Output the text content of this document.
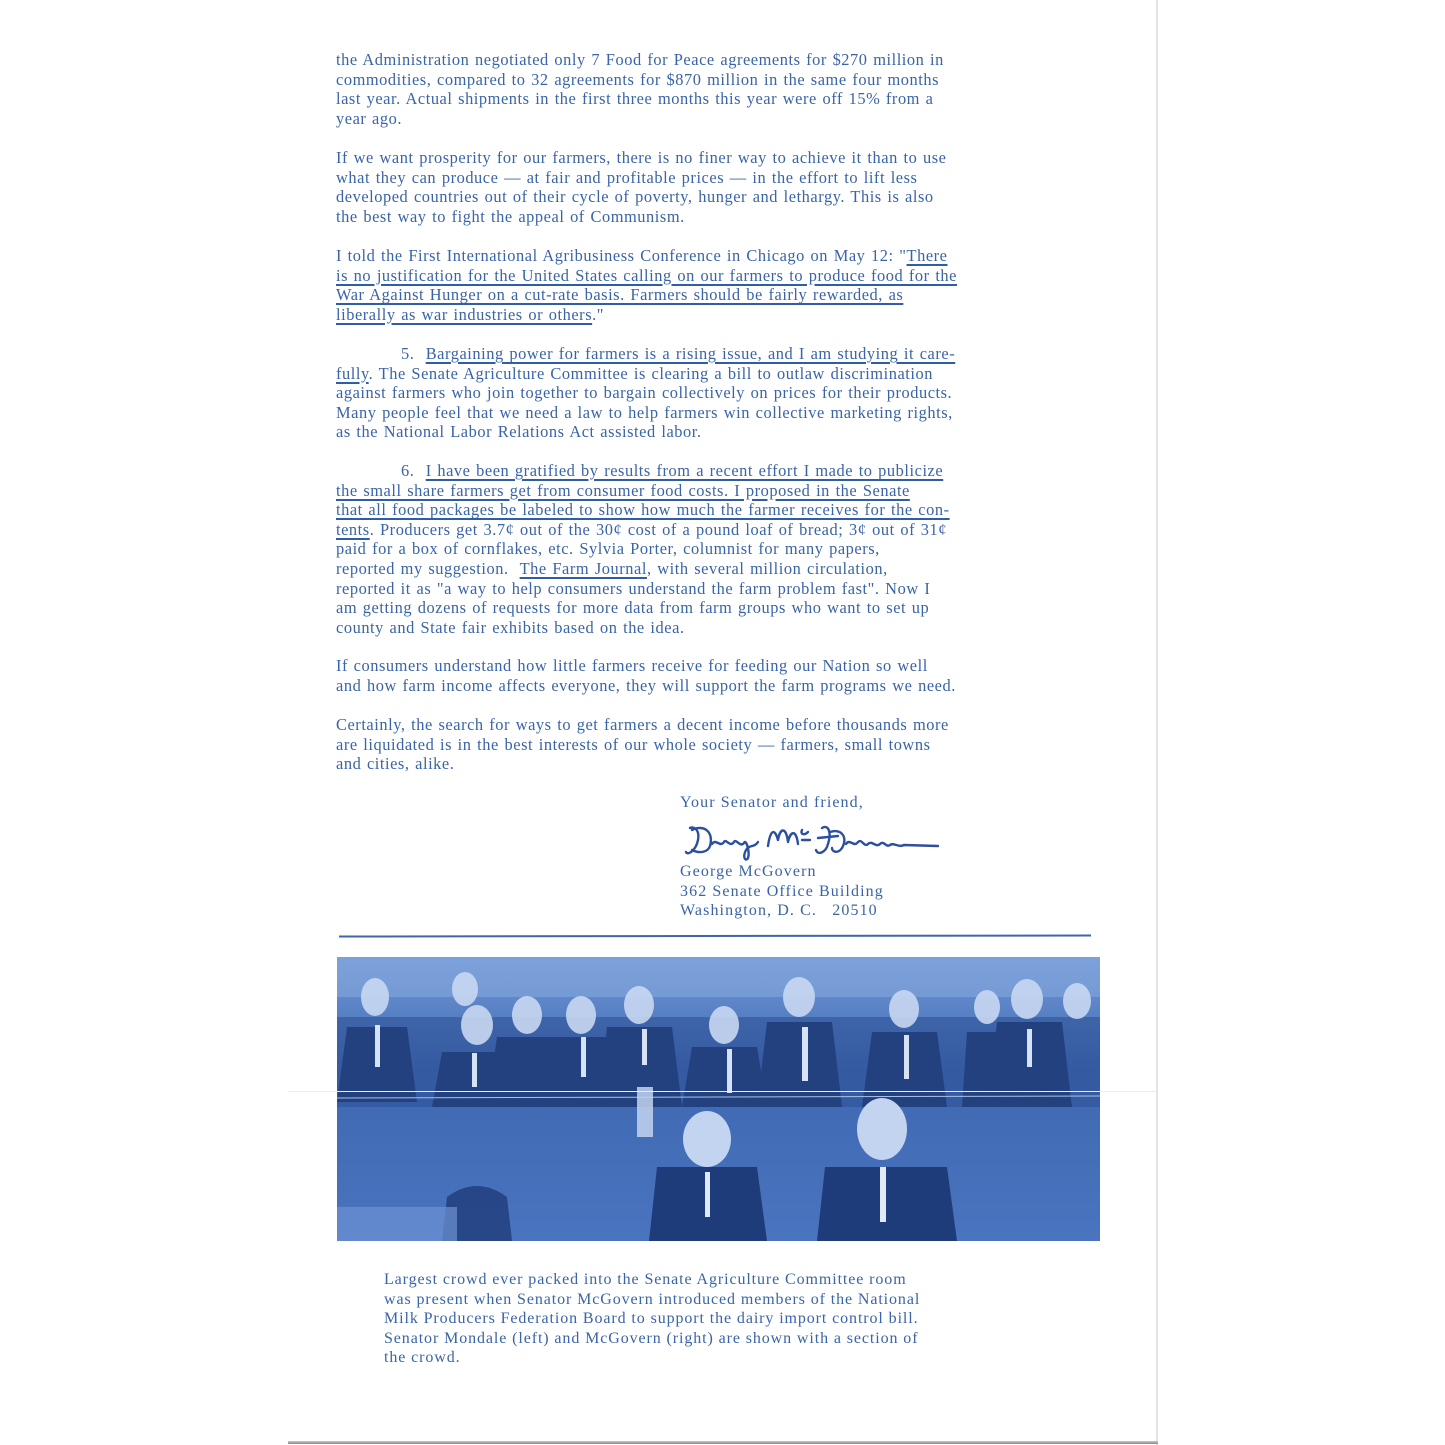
the Administration negotiated only 7 Food for Peace agreements for $270 million in
commodities, compared to 32 agreements for $870 million in the same four months
last year. Actual shipments in the first three months this year were off 15% from a
year ago.
If we want prosperity for our farmers, there is no finer way to achieve it than to use
what they can produce — at fair and profitable prices — in the effort to lift less
developed countries out of their cycle of poverty, hunger and lethargy. This is also
the best way to fight the appeal of Communism.
I told the First International Agribusiness Conference in Chicago on May 12: "There
is no justification for the United States calling on our farmers to produce food for the
War Against Hunger on a cut-rate basis. Farmers should be fairly rewarded, as
liberally as war industries or others."
5. Bargaining power for farmers is a rising issue, and I am studying it care-
fully. The Senate Agriculture Committee is clearing a bill to outlaw discrimination
against farmers who join together to bargain collectively on prices for their products.
Many people feel that we need a law to help farmers win collective marketing rights,
as the National Labor Relations Act assisted labor.
6. I have been gratified by results from a recent effort I made to publicize
the small share farmers get from consumer food costs. I proposed in the Senate
that all food packages be labeled to show how much the farmer receives for the con-
tents. Producers get 3.7¢ out of the 30¢ cost of a pound loaf of bread; 3¢ out of 31¢
paid for a box of cornflakes, etc. Sylvia Porter, columnist for many papers,
reported my suggestion.  The Farm Journal, with several million circulation,
reported it as "a way to help consumers understand the farm problem fast". Now I
am getting dozens of requests for more data from farm groups who want to set up
county and State fair exhibits based on the idea.
If consumers understand how little farmers receive for feeding our Nation so well
and how farm income affects everyone, they will support the farm programs we need.
Certainly, the search for ways to get farmers a decent income before thousands more
are liquidated is in the best interests of our whole society — farmers, small towns
and cities, alike.
Your Senator and friend,
George McGovern
362 Senate Office Building
Washington, D. C.   20510
Largest crowd ever packed into the Senate Agriculture Committee room
was present when Senator McGovern introduced members of the National
Milk Producers Federation Board to support the dairy import control bill.
Senator Mondale (left) and McGovern (right) are shown with a section of
the crowd.
